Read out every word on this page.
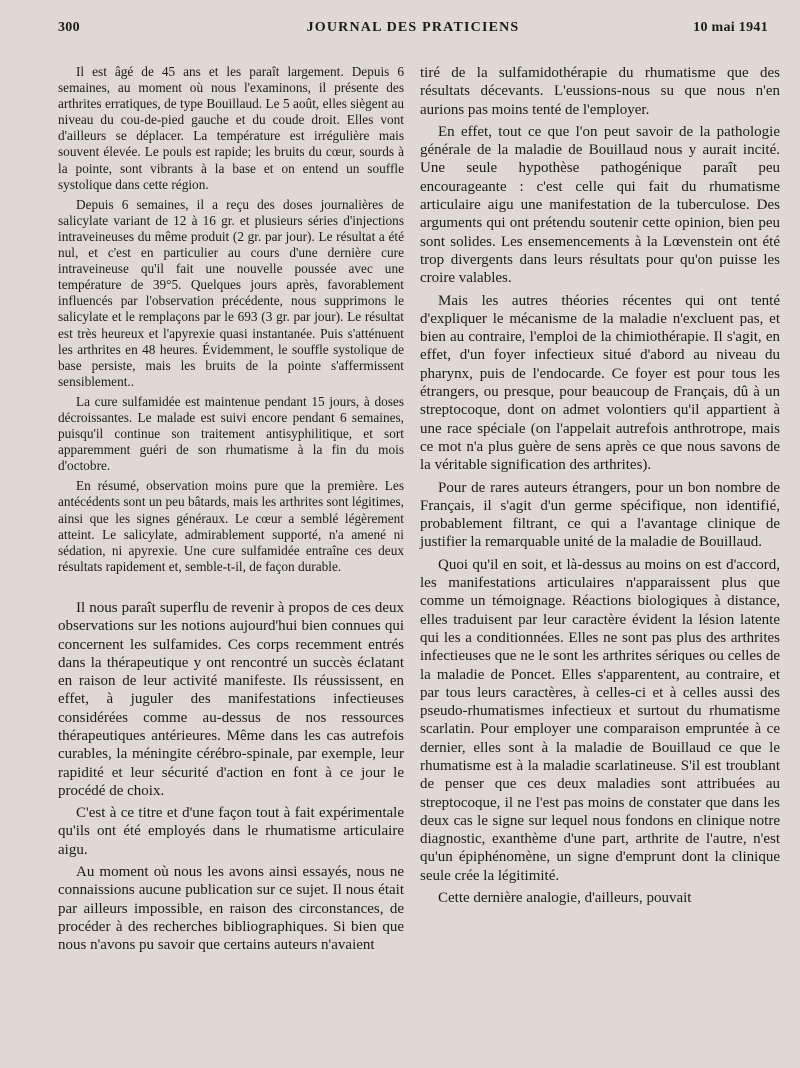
300	JOURNAL DES PRATICIENS	10 mai 1941

Il est âgé de 45 ans et les paraît largement. Depuis 6 semaines, au moment où nous l'examinons, il présente des arthrites erratiques, de type Bouillaud. Le 5 août, elles siègent au niveau du cou-de-pied gauche et du coude droit. Elles vont d'ailleurs se déplacer. La température est irrégulière mais souvent élevée. Le pouls est rapide; les bruits du cœur, sourds à la pointe, sont vibrants à la base et on entend un souffle systolique dans cette région.

Depuis 6 semaines, il a reçu des doses journalières de salicylate variant de 12 à 16 gr. et plusieurs séries d'injections intraveineuses du même produit (2 gr. par jour). Le résultat a été nul, et c'est en particulier au cours d'une dernière cure intraveineuse qu'il fait une nouvelle poussée avec une température de 39°5. Quelques jours après, favorablement influencés par l'observation précédente, nous supprimons le salicylate et le remplaçons par le 693 (3 gr. par jour). Le résultat est très heureux et l'apyrexie quasi instantanée. Puis s'atténuent les arthrites en 48 heures. Évidemment, le souffle systolique de base persiste, mais les bruits de la pointe s'affermissent sensiblement..

La cure sulfamidée est maintenue pendant 15 jours, à doses décroissantes. Le malade est suivi encore pendant 6 semaines, puisqu'il continue son traitement antisyphilitique, et sort apparemment guéri de son rhumatisme à la fin du mois d'octobre.

En résumé, observation moins pure que la première. Les antécédents sont un peu bâtards, mais les arthrites sont légitimes, ainsi que les signes généraux. Le cœur a semblé légèrement atteint. Le salicylate, admirablement supporté, n'a amené ni sédation, ni apyrexie. Une cure sulfamidée entraîne ces deux résultats rapidement et, semble-t-il, de façon durable.

Il nous paraît superflu de revenir à propos de ces deux observations sur les notions aujourd'hui bien connues qui concernent les sulfamides. Ces corps recemment entrés dans la thérapeutique y ont rencontré un succès éclatant en raison de leur activité manifeste. Ils réussissent, en effet, à juguler des manifestations infectieuses considérées comme au-dessus de nos ressources thérapeutiques antérieures. Même dans les cas autrefois curables, la méningite cérébro-spinale, par exemple, leur rapidité et leur sécurité d'action en font à ce jour le procédé de choix.

C'est à ce titre et d'une façon tout à fait expérimentale qu'ils ont été employés dans le rhumatisme articulaire aigu.

Au moment où nous les avons ainsi essayés, nous ne connaissions aucune publication sur ce sujet. Il nous était par ailleurs impossible, en raison des circonstances, de procéder à des recherches bibliographiques. Si bien que nous n'avons pu savoir que certains auteurs n'avaient

tiré de la sulfamidothérapie du rhumatisme que des résultats décevants. L'eussions-nous su que nous n'en aurions pas moins tenté de l'employer.

En effet, tout ce que l'on peut savoir de la pathologie générale de la maladie de Bouillaud nous y aurait incité. Une seule hypothèse pathogénique paraît peu encourageante : c'est celle qui fait du rhumatisme articulaire aigu une manifestation de la tuberculose. Des arguments qui ont prétendu soutenir cette opinion, bien peu sont solides. Les ensemencements à la Lœvenstein ont été trop divergents dans leurs résultats pour qu'on puisse les croire valables.

Mais les autres théories récentes qui ont tenté d'expliquer le mécanisme de la maladie n'excluent pas, et bien au contraire, l'emploi de la chimiothérapie. Il s'agit, en effet, d'un foyer infectieux situé d'abord au niveau du pharynx, puis de l'endocarde. Ce foyer est pour tous les étrangers, ou presque, pour beaucoup de Français, dû à un streptocoque, dont on admet volontiers qu'il appartient à une race spéciale (on l'appelait autrefois anthrotrope, mais ce mot n'a plus guère de sens après ce que nous savons de la véritable signification des arthrites).

Pour de rares auteurs étrangers, pour un bon nombre de Français, il s'agit d'un germe spécifique, non identifié, probablement filtrant, ce qui a l'avantage clinique de justifier la remarquable unité de la maladie de Bouillaud.

Quoi qu'il en soit, et là-dessus au moins on est d'accord, les manifestations articulaires n'apparaissent plus que comme un témoignage. Réactions biologiques à distance, elles traduisent par leur caractère évident la lésion latente qui les a conditionnées. Elles ne sont pas plus des arthrites infectieuses que ne le sont les arthrites sériques ou celles de la maladie de Poncet. Elles s'apparentent, au contraire, et par tous leurs caractères, à celles-ci et à celles aussi des pseudo-rhumatismes infectieux et surtout du rhumatisme scarlatin. Pour employer une comparaison empruntée à ce dernier, elles sont à la maladie de Bouillaud ce que le rhumatisme est à la maladie scarlatineuse. S'il est troublant de penser que ces deux maladies sont attribuées au streptocoque, il ne l'est pas moins de constater que dans les deux cas le signe sur lequel nous fondons en clinique notre diagnostic, exanthème d'une part, arthrite de l'autre, n'est qu'un épiphénomène, un signe d'emprunt dont la clinique seule crée la légitimité.

Cette dernière analogie, d'ailleurs, pouvait
